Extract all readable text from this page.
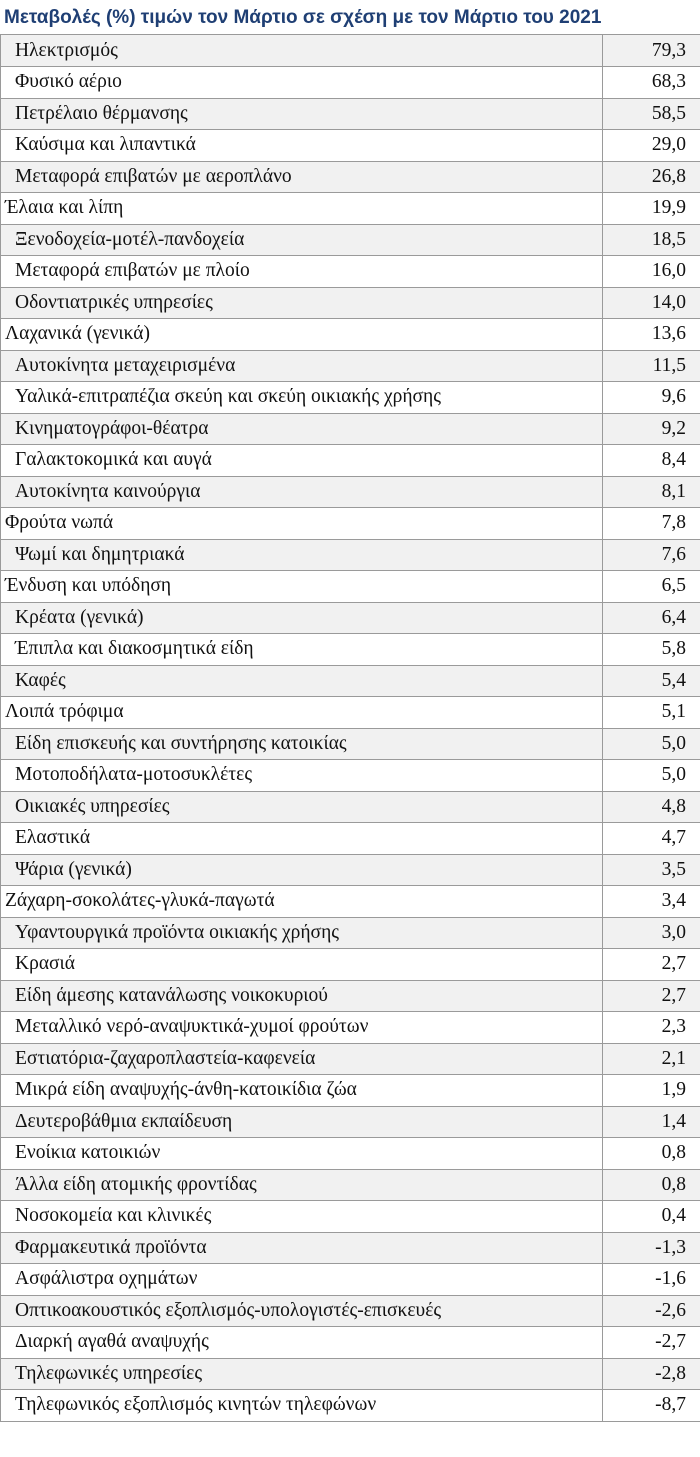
Μεταβολές (%) τιμών τον Μάρτιο σε σχέση με τον Μάρτιο του 2021
Ηλεκτρισμός	79,3
Φυσικό αέριο	68,3
Πετρέλαιο θέρμανσης	58,5
Καύσιμα και λιπαντικά	29,0
Μεταφορά επιβατών με αεροπλάνο	26,8
Έλαια και λίπη	19,9
Ξενοδοχεία-μοτέλ-πανδοχεία	18,5
Μεταφορά επιβατών με πλοίο	16,0
Οδοντιατρικές υπηρεσίες	14,0
Λαχανικά (γενικά)	13,6
Αυτοκίνητα μεταχειρισμένα	11,5
Υαλικά-επιτραπέζια σκεύη και σκεύη οικιακής χρήσης	9,6
Κινηματογράφοι-θέατρα	9,2
Γαλακτοκομικά και αυγά	8,4
Αυτοκίνητα καινούργια	8,1
Φρούτα νωπά	7,8
Ψωμί και δημητριακά	7,6
Ένδυση και υπόδηση	6,5
Κρέατα (γενικά)	6,4
Έπιπλα και διακοσμητικά είδη	5,8
Καφές	5,4
Λοιπά τρόφιμα	5,1
Είδη επισκευής και συντήρησης κατοικίας	5,0
Μοτοποδήλατα-μοτοσυκλέτες	5,0
Οικιακές υπηρεσίες	4,8
Ελαστικά	4,7
Ψάρια (γενικά)	3,5
Ζάχαρη-σοκολάτες-γλυκά-παγωτά	3,4
Υφαντουργικά προϊόντα οικιακής χρήσης	3,0
Κρασιά	2,7
Είδη άμεσης κατανάλωσης νοικοκυριού	2,7
Μεταλλικό νερό-αναψυκτικά-χυμοί φρούτων	2,3
Εστιατόρια-ζαχαροπλαστεία-καφενεία	2,1
Μικρά είδη αναψυχής-άνθη-κατοικίδια ζώα	1,9
Δευτεροβάθμια εκπαίδευση	1,4
Ενοίκια κατοικιών	0,8
Άλλα είδη ατομικής φροντίδας	0,8
Νοσοκομεία και κλινικές	0,4
Φαρμακευτικά προϊόντα	-1,3
Ασφάλιστρα οχημάτων	-1,6
Οπτικοακουστικός εξοπλισμός-υπολογιστές-επισκευές	-2,6
Διαρκή αγαθά αναψυχής	-2,7
Τηλεφωνικές υπηρεσίες	-2,8
Τηλεφωνικός εξοπλισμός κινητών τηλεφώνων	-8,7
